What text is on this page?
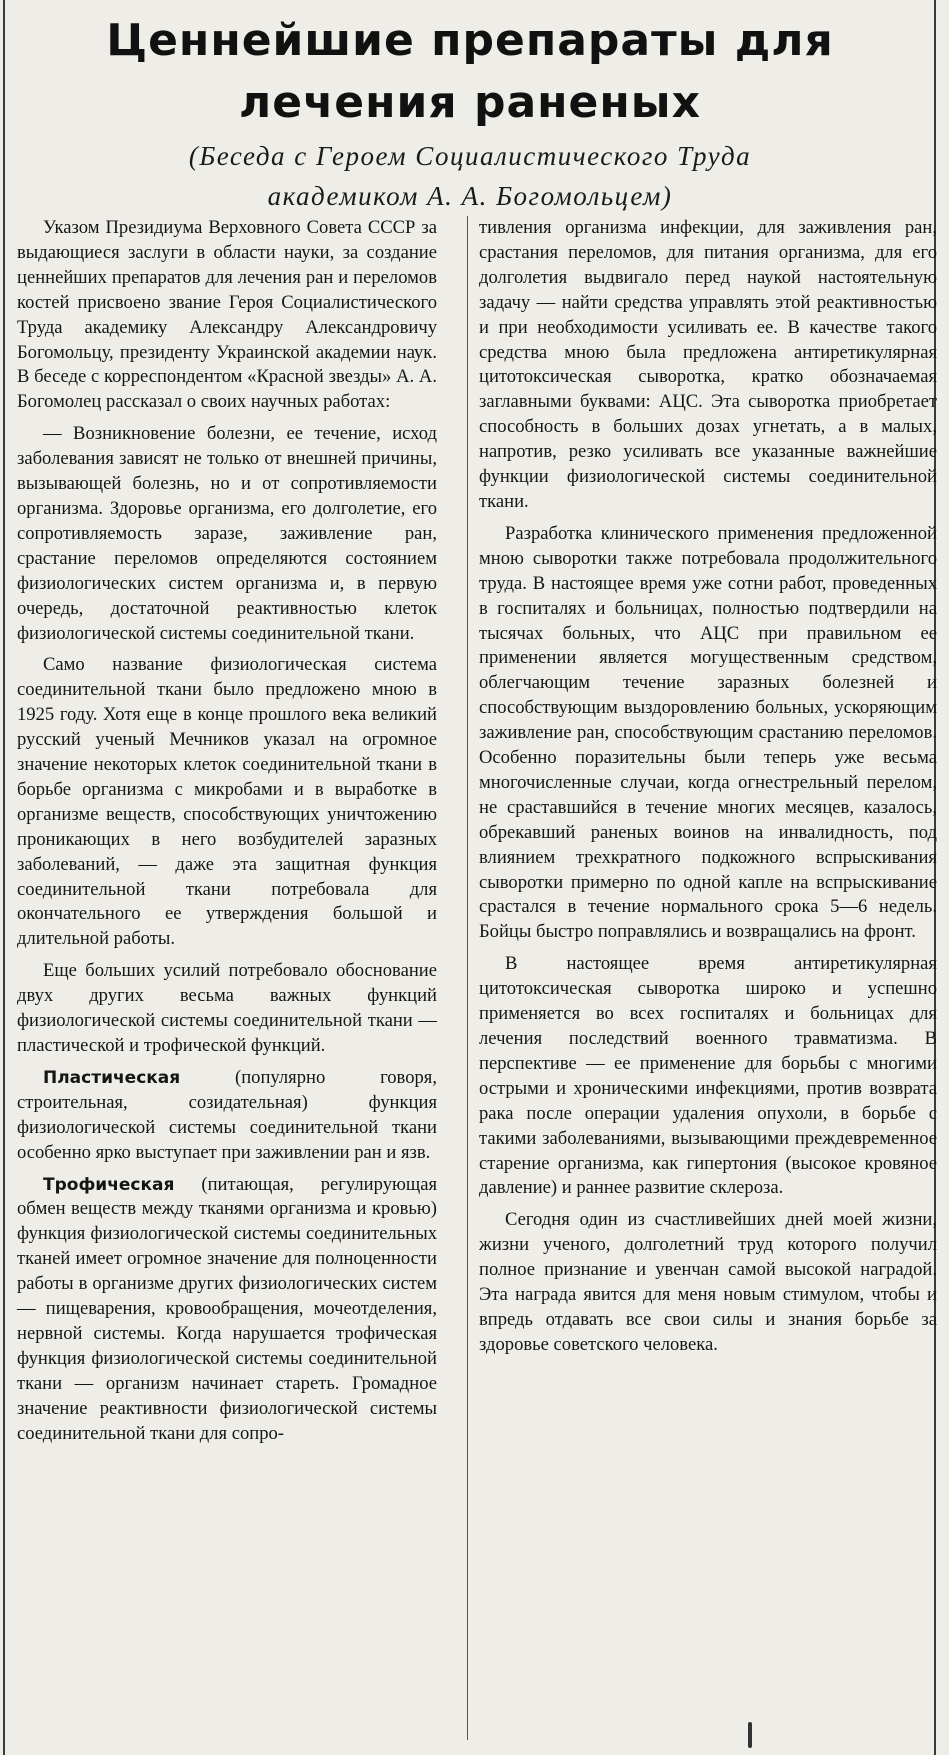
Ценнейшие препараты для
лечения раненых
(Беседа с Героем Социалистического Труда
академиком А. А. Богомольцем)

Указом Президиума Верховного Совета СССР за выдающиеся заслуги в области науки, за создание ценнейших препаратов для лечения ран и переломов костей присвоено звание Героя Социалистического Труда академику Александру Александровичу Богомольцу, президенту Украинской академии наук. В беседе с корреспондентом «Красной звезды» А. А. Богомолец рассказал о своих научных работах:

— Возникновение болезни, ее течение, исход заболевания зависят не только от внешней причины, вызывающей болезнь, но и от сопротивляемости организма. Здоровье организма, его долголетие, его сопротивляемость заразе, заживление ран, срастание переломов определяются состоянием физиологических систем организма и, в первую очередь, достаточной реактивностью клеток физиологической системы соединительной ткани.

Само название физиологическая система соединительной ткани было предложено мною в 1925 году. Хотя еще в конце прошлого века великий русский ученый Мечников указал на огромное значение некоторых клеток соединительной ткани в борьбе организма с микробами и в выработке в организме веществ, способствующих уничтожению проникающих в него возбудителей заразных заболеваний, — даже эта защитная функция соединительной ткани потребовала для окончательного ее утверждения большой и длительной работы.

Еще больших усилий потребовало обоснование двух других весьма важных функций физиологической системы соединительной ткани — пластической и трофической функций.

Пластическая (популярно говоря, строительная, созидательная) функция физиологической системы соединительной ткани особенно ярко выступает при заживлении ран и язв.

Трофическая (питающая, регулирующая обмен веществ между тканями организма и кровью) функция физиологической системы соединительных тканей имеет огромное значение для полноценности работы в организме других физиологических систем — пищеварения, кровообращения, мочеотделения, нервной системы. Когда нарушается трофическая функция физиологической системы соединительной ткани — организм начинает стареть. Громадное значение реактивности физиологической системы соединительной ткани для сопро-

тивления организма инфекции, для заживления ран, срастания переломов, для питания организма, для его долголетия выдвигало перед наукой настоятельную задачу — найти средства управлять этой реактивностью и при необходимости усиливать ее. В качестве такого средства мною была предложена антиретикулярная цитотоксическая сыворотка, кратко обозначаемая заглавными буквами: АЦС. Эта сыворотка приобретает способность в больших дозах угнетать, а в малых, напротив, резко усиливать все указанные важнейшие функции физиологической системы соединительной ткани.

Разработка клинического применения предложенной мною сыворотки также потребовала продолжительного труда. В настоящее время уже сотни работ, проведенных в госпиталях и больницах, полностью подтвердили на тысячах больных, что АЦС при правильном ее применении является могущественным средством, облегчающим течение заразных болезней и способствующим выздоровлению больных, ускоряющим заживление ран, способствующим срастанию переломов. Особенно поразительны были теперь уже весьма многочисленные случаи, когда огнестрельный перелом, не сраставшийся в течение многих месяцев, казалось, обрекавший раненых воинов на инвалидность, под влиянием трехкратного подкожного вспрыскивания сыворотки примерно по одной капле на вспрыскивание срастался в течение нормального срока 5—6 недель. Бойцы быстро поправлялись и возвращались на фронт.

В настоящее время антиретикулярная цитотоксическая сыворотка широко и успешно применяется во всех госпиталях и больницах для лечения последствий военного травматизма. В перспективе — ее применение для борьбы с многими острыми и хроническими инфекциями, против возврата рака после операции удаления опухоли, в борьбе с такими заболеваниями, вызывающими преждевременное старение организма, как гипертония (высокое кровяное давление) и раннее развитие склероза.

Сегодня один из счастливейших дней моей жизни, жизни ученого, долголетний труд которого получил полное признание и увенчан самой высокой наградой. Эта награда явится для меня новым стимулом, чтобы и впредь отдавать все свои силы и знания борьбе за здоровье советского человека.
